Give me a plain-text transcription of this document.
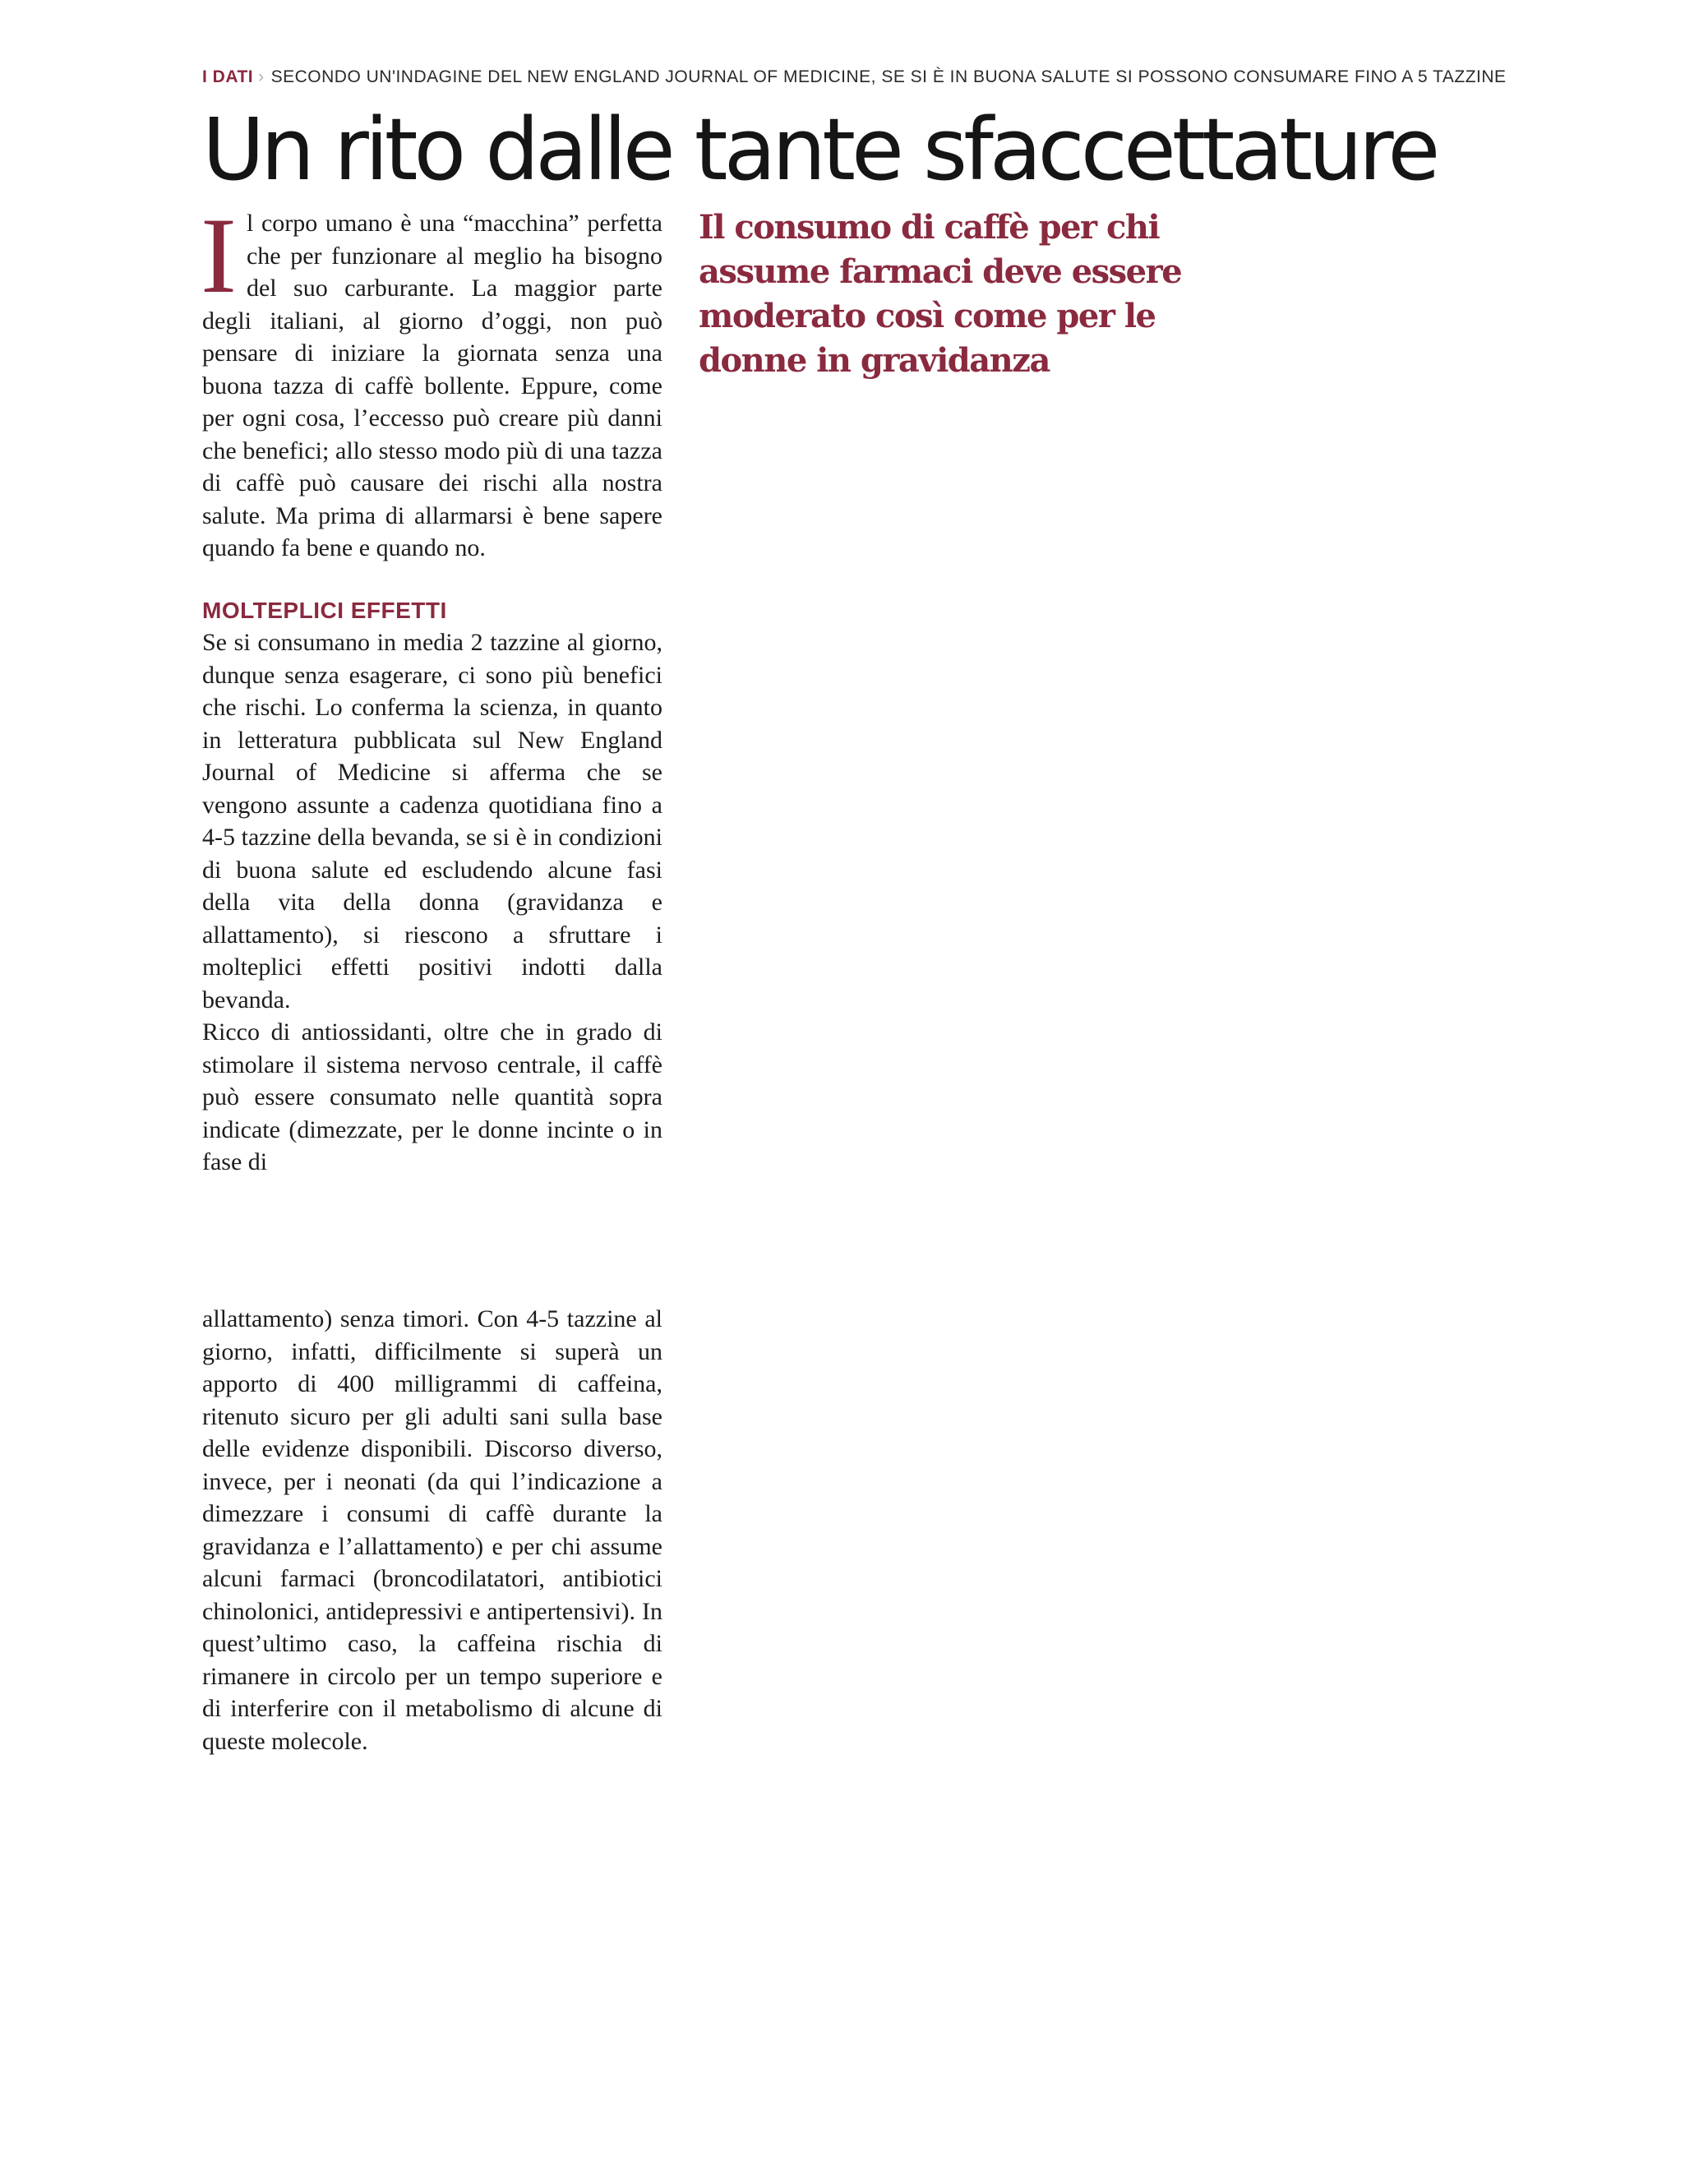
I DATI › SECONDO UN'INDAGINE DEL NEW ENGLAND JOURNAL OF MEDICINE, SE SI È IN BUONA SALUTE SI POSSONO CONSUMARE FINO A 5 TAZZINE
Un rito dalle tante sfaccettature

Il corpo umano è una “macchina” perfetta che per funzionare al meglio ha bisogno del suo carburante. La maggior parte degli italiani, al giorno d’oggi, non può pensare di iniziare la giornata senza una buona tazza di caffè bollente. Eppure, come per ogni cosa, l’eccesso può creare più danni che benefici; allo stesso modo più di una tazza di caffè può causare dei rischi alla nostra salute. Ma prima di allarmarsi è bene sapere quando fa bene e quando no.

MOLTEPLICI EFFETTI

Se si consumano in media 2 tazzine al giorno, dunque senza esagerare, ci sono più benefici che rischi. Lo conferma la scienza, in quanto in letteratura pubblicata sul New England Journal of Medicine si afferma che se vengono assunte a cadenza quotidiana fino a 4-5 tazzine della bevanda, se si è in condizioni di buona salute ed escludendo alcune fasi della vita della donna (gravidanza e allattamento), si riescono a sfruttare i molteplici effetti positivi indotti dalla bevanda.

Ricco di antiossidanti, oltre che in grado di stimolare il sistema nervoso centrale, il caffè può essere consumato nelle quantità sopra indicate (dimezzate, per le donne incinte o in fase di

allattamento) senza timori. Con 4-5 tazzine al giorno, infatti, difficilmente si superà un apporto di 400 milligrammi di caffeina, ritenuto sicuro per gli adulti sani sulla base delle evidenze disponibili. Discorso diverso, invece, per i neonati (da qui l’indicazione a dimezzare i consumi di caffè durante la gravidanza e l’allattamento) e per chi assume alcuni farmaci (broncodilatatori, antibiotici chinolonici, antidepressivi e antipertensivi). In quest’ultimo caso, la caffeina rischia di rimanere in circolo per un tempo superiore e di interferire con il metabolismo di alcune di queste molecole.

Il consumo di caffè per chi assume farmaci deve essere moderato così come per le donne in gravidanza
